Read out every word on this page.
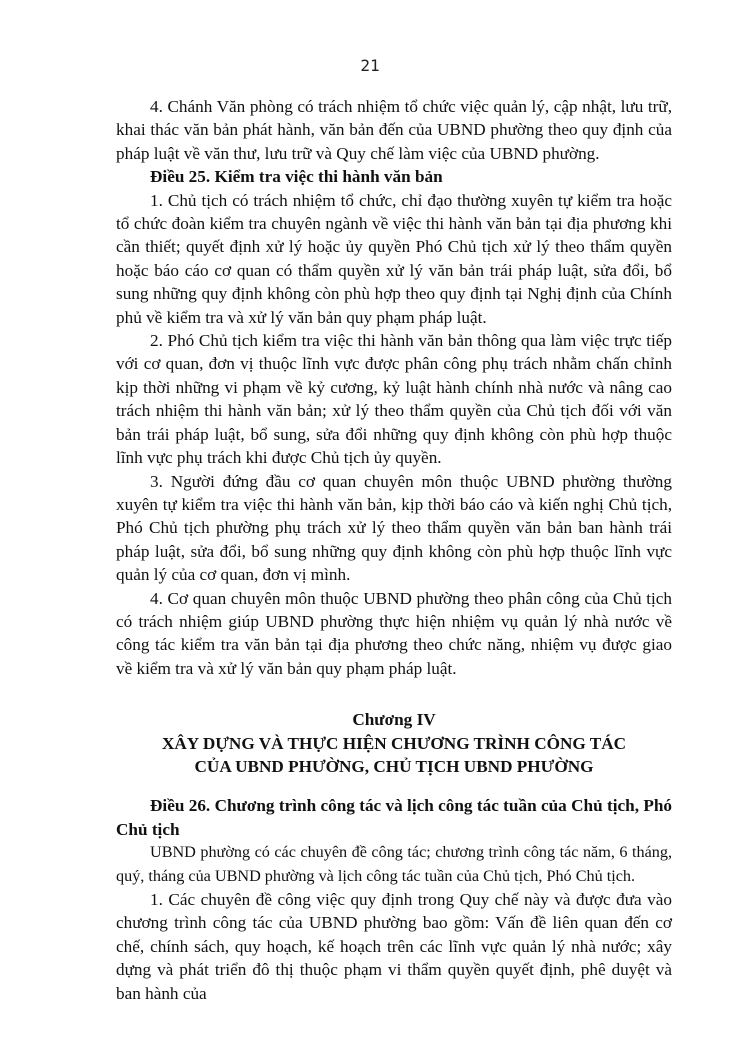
21

4. Chánh Văn phòng có trách nhiệm tổ chức việc quản lý, cập nhật, lưu trữ, khai thác văn bản phát hành, văn bản đến của UBND phường theo quy định của pháp luật về văn thư, lưu trữ và Quy chế làm việc của UBND phường.

Điều 25. Kiểm tra việc thi hành văn bản

1. Chủ tịch có trách nhiệm tổ chức, chỉ đạo thường xuyên tự kiểm tra hoặc tổ chức đoàn kiểm tra chuyên ngành về việc thi hành văn bản tại địa phương khi cần thiết; quyết định xử lý hoặc ủy quyền Phó Chủ tịch xử lý theo thẩm quyền hoặc báo cáo cơ quan có thẩm quyền xử lý văn bản trái pháp luật, sửa đổi, bổ sung những quy định không còn phù hợp theo quy định tại Nghị định của Chính phủ về kiểm tra và xử lý văn bản quy phạm pháp luật.

2. Phó Chủ tịch kiểm tra việc thi hành văn bản thông qua làm việc trực tiếp với cơ quan, đơn vị thuộc lĩnh vực được phân công phụ trách nhằm chấn chỉnh kịp thời những vi phạm về kỷ cương, kỷ luật hành chính nhà nước và nâng cao trách nhiệm thi hành văn bản; xử lý theo thẩm quyền của Chủ tịch đối với văn bản trái pháp luật, bổ sung, sửa đổi những quy định không còn phù hợp thuộc lĩnh vực phụ trách khi được Chủ tịch ủy quyền.

3. Người đứng đầu cơ quan chuyên môn thuộc UBND phường thường xuyên tự kiểm tra việc thi hành văn bản, kịp thời báo cáo và kiến nghị Chủ tịch, Phó Chủ tịch phường phụ trách xử lý theo thẩm quyền văn bản ban hành trái pháp luật, sửa đổi, bổ sung những quy định không còn phù hợp thuộc lĩnh vực quản lý của cơ quan, đơn vị mình.

4. Cơ quan chuyên môn thuộc UBND phường theo phân công của Chủ tịch có trách nhiệm giúp UBND phường thực hiện nhiệm vụ quản lý nhà nước về công tác kiểm tra văn bản tại địa phương theo chức năng, nhiệm vụ được giao về kiểm tra và xử lý văn bản quy phạm pháp luật.

Chương IV
XÂY DỰNG VÀ THỰC HIỆN CHƯƠNG TRÌNH CÔNG TÁC
CỦA UBND PHƯỜNG, CHỦ TỊCH UBND PHƯỜNG

Điều 26. Chương trình công tác và lịch công tác tuần của Chủ tịch, Phó Chủ tịch

UBND phường có các chuyên đề công tác; chương trình công tác năm, 6 tháng, quý, tháng của UBND phường và lịch công tác tuần của Chủ tịch, Phó Chủ tịch.

1. Các chuyên đề công việc quy định trong Quy chế này và được đưa vào chương trình công tác của UBND phường bao gồm: Vấn đề liên quan đến cơ chế, chính sách, quy hoạch, kế hoạch trên các lĩnh vực quản lý nhà nước; xây dựng và phát triển đô thị thuộc phạm vi thẩm quyền quyết định, phê duyệt và ban hành của
